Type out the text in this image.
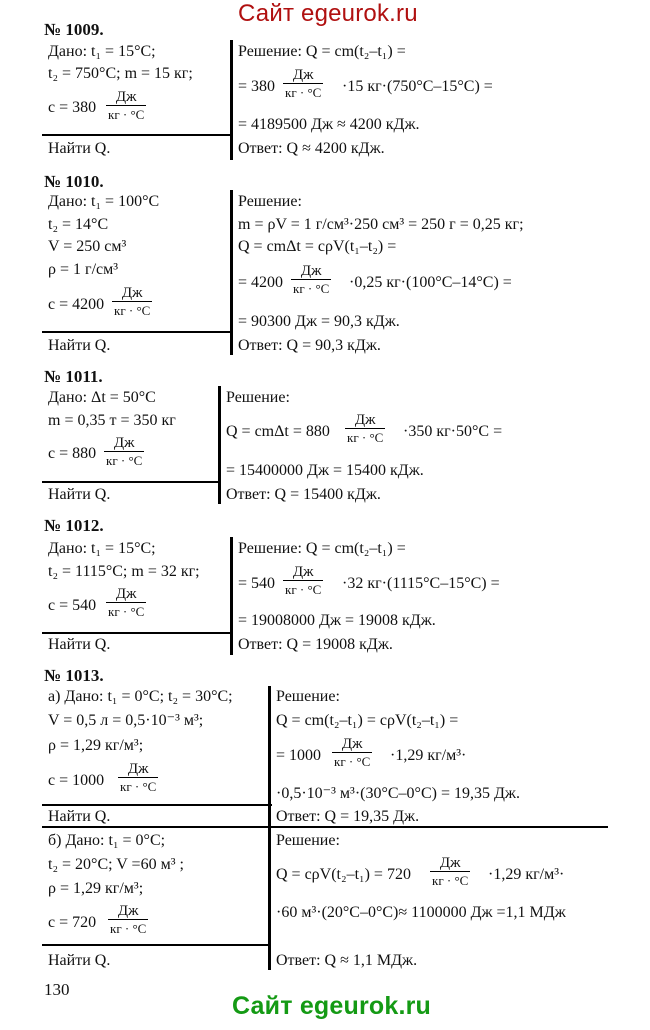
Сайт egeurok.ru
№ 1009.
Дано: t₁ = 15°C;
t₂ = 750°C; m = 15 кг;
c = 380
Дж
кг · °C
Найти Q.
Решение: Q = cm(t₂–t₁) =
= 380
Дж
кг · °C ·15 кг·(750°C–15°C) =
= 4189500 Дж ≈ 4200 кДж.
Ответ: Q ≈ 4200 кДж.
№ 1010.
Дано: t₁ = 100°C
t₂ = 14°C
V = 250 см³
ρ = 1 г/см³
c = 4200
Дж
кг · °C
Найти Q.
Решение:
m = ρV = 1 г/см³·250 см³ = 250 г = 0,25 кг;
Q = cmΔt = cρV(t₁–t₂) =
= 4200
Дж
кг · °C ·0,25 кг·(100°C–14°C) =
= 90300 Дж = 90,3 кДж.
Ответ: Q = 90,3 кДж.
№ 1011.
Дано: Δt = 50°C
m = 0,35 т = 350 кг
c = 880
Дж
кг · °C
Найти Q.
Решение:
Q = cmΔt = 880
Дж
кг · °C ·350 кг·50°C =
= 15400000 Дж = 15400 кДж.
Ответ: Q = 15400 кДж.
№ 1012.
Дано: t₁ = 15°C;
t₂ = 1115°C; m = 32 кг;
c = 540
Дж
кг · °C
Найти Q.
Решение: Q = cm(t₂–t₁) =
= 540
Дж
кг · °C ·32 кг·(1115°C–15°C) =
= 19008000 Дж = 19008 кДж.
Ответ: Q = 19008 кДж.
№ 1013.
а) Дано: t₁ = 0°C; t₂ = 30°C;
V = 0,5 л = 0,5·10⁻³ м³;
ρ = 1,29 кг/м³;
c = 1000
Дж
кг · °C
Найти Q.
Решение:
Q = cm(t₂–t₁) = cρV(t₂–t₁) =
= 1000
Дж
кг · °C ·1,29 кг/м³·
·0,5·10⁻³ м³·(30°C–0°C) = 19,35 Дж.
Ответ: Q = 19,35 Дж.
б) Дано: t₁ = 0°C;
t₂ = 20°C; V =60 м³ ;
ρ = 1,29 кг/м³;
c = 720
Дж
кг · °C
Найти Q.
Решение:
Q = cρV(t₂–t₁) = 720
Дж
кг · °C ·1,29 кг/м³·
·60 м³·(20°C–0°C)≈ 1100000 Дж =1,1 МДж
Ответ: Q ≈ 1,1 МДж.
130
Сайт egeurok.ru
